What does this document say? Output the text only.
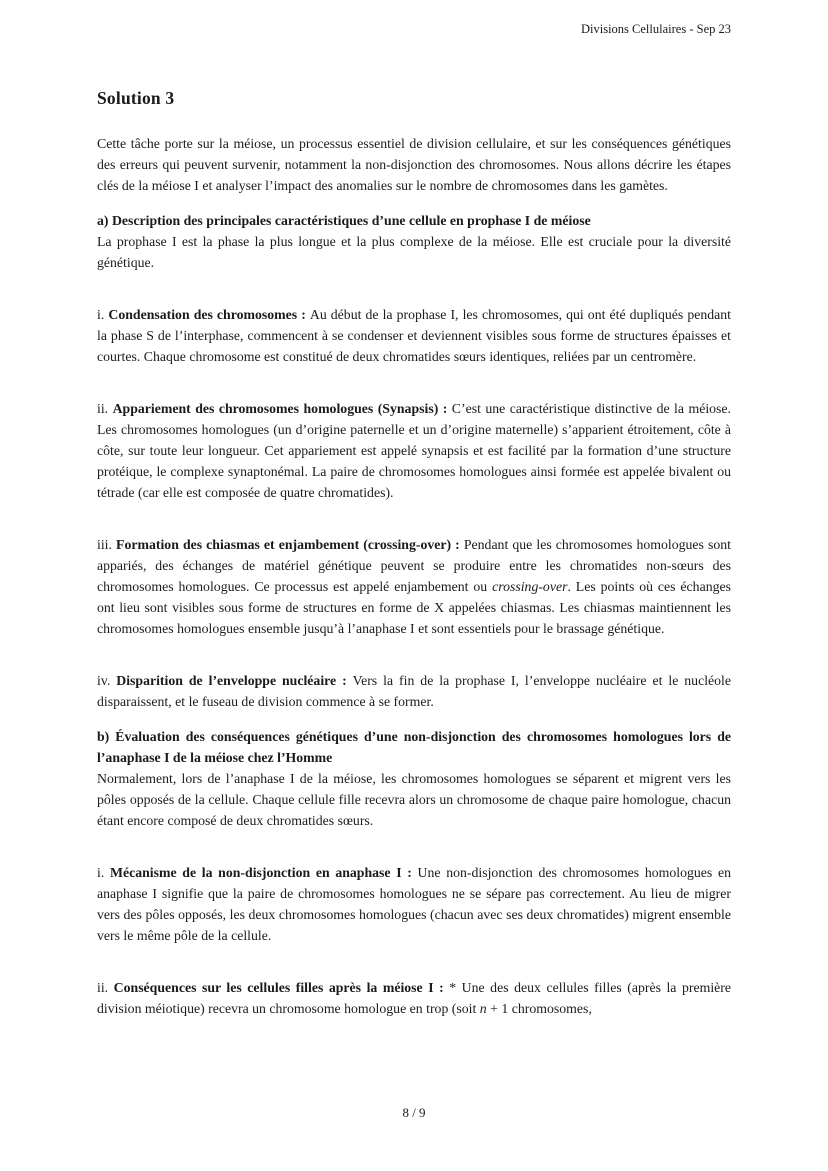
Divisions Cellulaires - Sep 23
Solution 3

Cette tâche porte sur la méiose, un processus essentiel de division cellulaire, et sur les conséquences génétiques des erreurs qui peuvent survenir, notamment la non-disjonction des chromosomes. Nous allons décrire les étapes clés de la méiose I et analyser l’impact des anomalies sur le nombre de chromosomes dans les gamètes.

a) Description des principales caractéristiques d’une cellule en prophase I de méiose

La prophase I est la phase la plus longue et la plus complexe de la méiose. Elle est cruciale pour la diversité génétique.

i. Condensation des chromosomes : Au début de la prophase I, les chromosomes, qui ont été dupliqués pendant la phase S de l’interphase, commencent à se condenser et deviennent visibles sous forme de structures épaisses et courtes. Chaque chromosome est constitué de deux chromatides sœurs identiques, reliées par un centromère.

ii. Appariement des chromosomes homologues (Synapsis) : C’est une caractéristique distinctive de la méiose. Les chromosomes homologues (un d’origine paternelle et un d’origine maternelle) s’apparient étroitement, côte à côte, sur toute leur longueur. Cet appariement est appelé synapsis et est facilité par la formation d’une structure protéique, le complexe synaptonémal. La paire de chromosomes homologues ainsi formée est appelée bivalent ou tétrade (car elle est composée de quatre chromatides).

iii. Formation des chiasmas et enjambement (crossing-over) : Pendant que les chromosomes homologues sont appariés, des échanges de matériel génétique peuvent se produire entre les chromatides non-sœurs des chromosomes homologues. Ce processus est appelé enjambement ou crossing-over. Les points où ces échanges ont lieu sont visibles sous forme de structures en forme de X appelées chiasmas. Les chiasmas maintiennent les chromosomes homologues ensemble jusqu’à l’anaphase I et sont essentiels pour le brassage génétique.

iv. Disparition de l’enveloppe nucléaire : Vers la fin de la prophase I, l’enveloppe nucléaire et le nucléole disparaissent, et le fuseau de division commence à se former.

b) Évaluation des conséquences génétiques d’une non-disjonction des chromosomes homologues lors de l’anaphase I de la méiose chez l’Homme

Normalement, lors de l’anaphase I de la méiose, les chromosomes homologues se séparent et migrent vers les pôles opposés de la cellule. Chaque cellule fille recevra alors un chromosome de chaque paire homologue, chacun étant encore composé de deux chromatides sœurs.

i. Mécanisme de la non-disjonction en anaphase I : Une non-disjonction des chromosomes homologues en anaphase I signifie que la paire de chromosomes homologues ne se sépare pas correctement. Au lieu de migrer vers des pôles opposés, les deux chromosomes homologues (chacun avec ses deux chromatides) migrent ensemble vers le même pôle de la cellule.

ii. Conséquences sur les cellules filles après la méiose I : * Une des deux cellules filles (après la première division méiotique) recevra un chromosome homologue en trop (soit n + 1 chromosomes,

8 / 9
